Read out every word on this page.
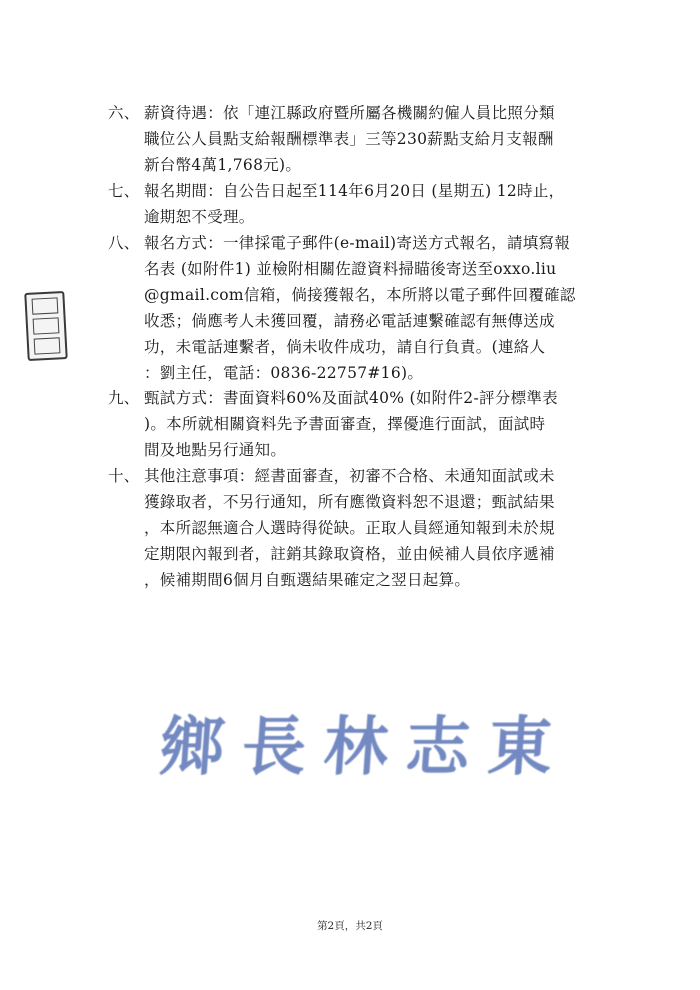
六、 薪資待遇：依「連江縣政府暨所屬各機關約僱人員比照分類
職位公人員點支給報酬標準表」三等230薪點支給月支報酬
新台幣4萬1,768元)。
七、 報名期間：自公告日起至114年6月20日 (星期五) 12時止，
逾期恕不受理。
八、 報名方式：一律採電子郵件(e-mail)寄送方式報名，請填寫報
名表 (如附件1) 並檢附相關佐證資料掃瞄後寄送至oxxo.liu
@gmail.com信箱，倘接獲報名，本所將以電子郵件回覆確認
收悉；倘應考人未獲回覆，請務必電話連繫確認有無傳送成
功，未電話連繫者，倘未收件成功，請自行負責。(連絡人
：劉主任，電話：0836-22757#16)。
九、 甄試方式：書面資料60%及面試40% (如附件2-評分標準表
)。本所就相關資料先予書面審查，擇優進行面試，面試時
間及地點另行通知。
十、 其他注意事項：經書面審查，初審不合格、未通知面試或未
獲錄取者，不另行通知，所有應徵資料恕不退還；甄試結果
，本所認無適合人選時得從缺。正取人員經通知報到未於規
定期限內報到者，註銷其錄取資格，並由候補人員依序遞補
，候補期間6個月自甄選結果確定之翌日起算。
鄉長林志東
第2頁，共2頁
